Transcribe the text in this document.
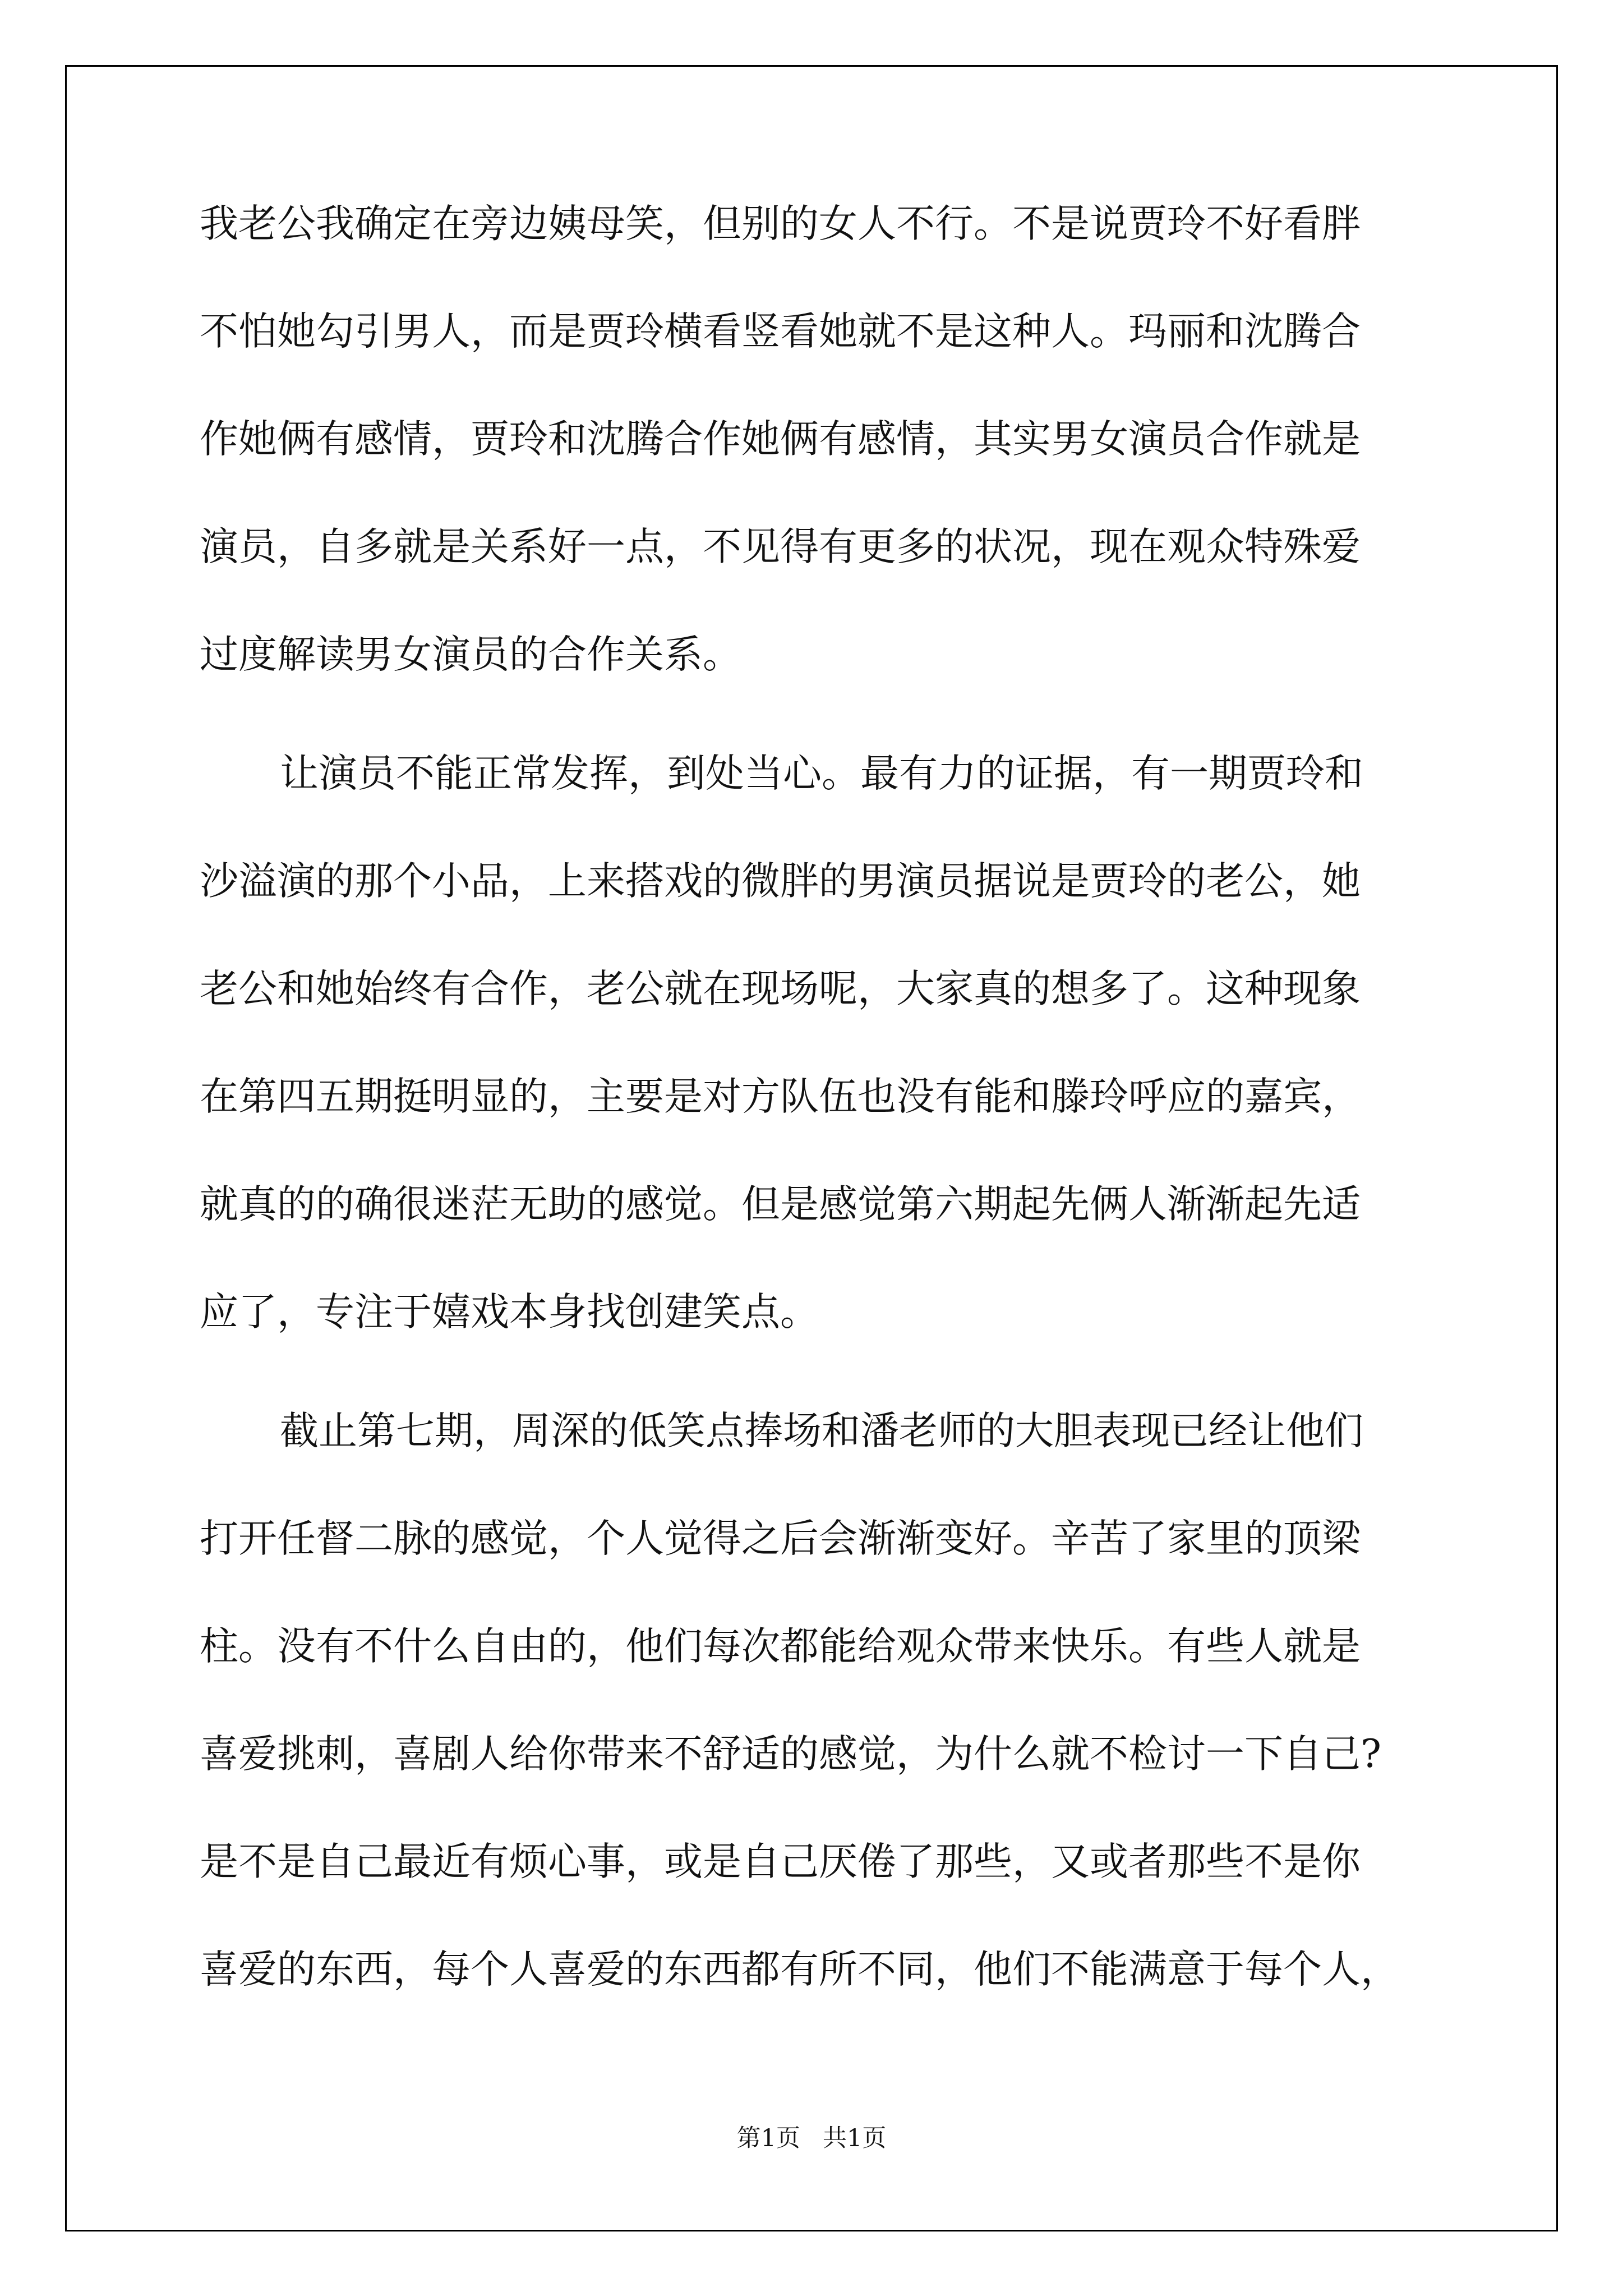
我老公我确定在旁边姨母笑，但别的女人不行。不是说贾玲不好看胖
不怕她勾引男人，而是贾玲横看竖看她就不是这种人。玛丽和沈腾合
作她俩有感情，贾玲和沈腾合作她俩有感情，其实男女演员合作就是
演员，自多就是关系好一点，不见得有更多的状况，现在观众特殊爱
过度解读男女演员的合作关系。
让演员不能正常发挥，到处当心。最有力的证据，有一期贾玲和
沙溢演的那个小品，上来搭戏的微胖的男演员据说是贾玲的老公，她
老公和她始终有合作，老公就在现场呢，大家真的想多了。这种现象
在第四五期挺明显的，主要是对方队伍也没有能和滕玲呼应的嘉宾，
就真的的确很迷茫无助的感觉。但是感觉第六期起先俩人渐渐起先适
应了，专注于嬉戏本身找创建笑点。
截止第七期，周深的低笑点捧场和潘老师的大胆表现已经让他们
打开任督二脉的感觉，个人觉得之后会渐渐变好。辛苦了家里的顶梁
柱。没有不什么自由的，他们每次都能给观众带来快乐。有些人就是
喜爱挑刺，喜剧人给你带来不舒适的感觉，为什么就不检讨一下自己?
是不是自己最近有烦心事，或是自己厌倦了那些，又或者那些不是你
喜爱的东西，每个人喜爱的东西都有所不同，他们不能满意于每个人，
第1页 共1页
